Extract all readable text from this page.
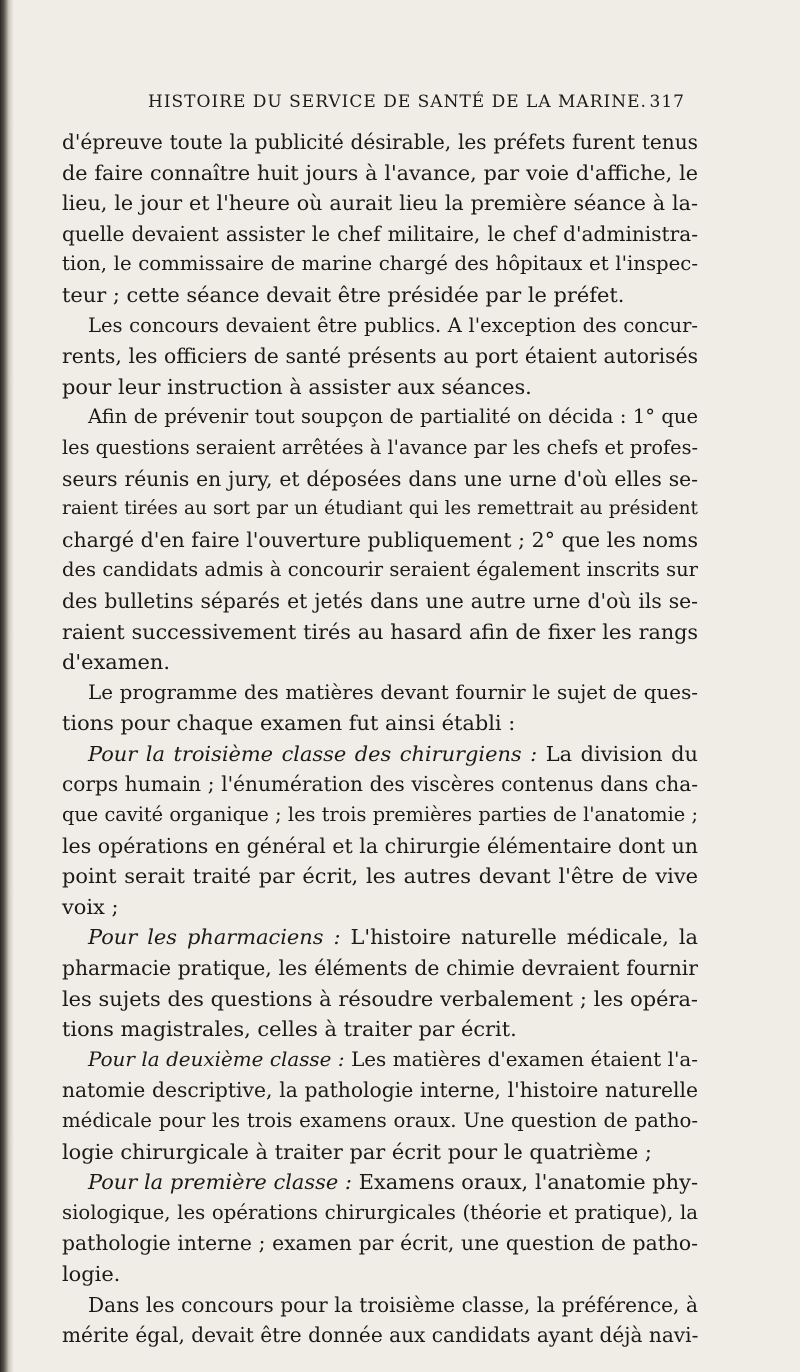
HISTOIRE DU SERVICE DE SANTÉ DE LA MARINE. 317
d'épreuve toute la publicité désirable, les préfets furent tenus
de faire connaître huit jours à l'avance, par voie d'affiche, le
lieu, le jour et l'heure où aurait lieu la première séance à la-
quelle devaient assister le chef militaire, le chef d'administra-
tion, le commissaire de marine chargé des hôpitaux et l'inspec-
teur ; cette séance devait être présidée par le préfet.
Les concours devaient être publics. A l'exception des concur-
rents, les officiers de santé présents au port étaient autorisés
pour leur instruction à assister aux séances.
Afin de prévenir tout soupçon de partialité on décida : 1° que
les questions seraient arrêtées à l'avance par les chefs et profes-
seurs réunis en jury, et déposées dans une urne d'où elles se-
raient tirées au sort par un étudiant qui les remettrait au président
chargé d'en faire l'ouverture publiquement ; 2° que les noms
des candidats admis à concourir seraient également inscrits sur
des bulletins séparés et jetés dans une autre urne d'où ils se-
raient successivement tirés au hasard afin de fixer les rangs
d'examen.
Le programme des matières devant fournir le sujet de ques-
tions pour chaque examen fut ainsi établi :
Pour la troisième classe des chirurgiens : La division du
corps humain ; l'énumération des viscères contenus dans cha-
que cavité organique ; les trois premières parties de l'anatomie ;
les opérations en général et la chirurgie élémentaire dont un
point serait traité par écrit, les autres devant l'être de vive
voix ;
Pour les pharmaciens : L'histoire naturelle médicale, la
pharmacie pratique, les éléments de chimie devraient fournir
les sujets des questions à résoudre verbalement ; les opéra-
tions magistrales, celles à traiter par écrit.
Pour la deuxième classe : Les matières d'examen étaient l'a-
natomie descriptive, la pathologie interne, l'histoire naturelle
médicale pour les trois examens oraux. Une question de patho-
logie chirurgicale à traiter par écrit pour le quatrième ;
Pour la première classe : Examens oraux, l'anatomie phy-
siologique, les opérations chirurgicales (théorie et pratique), la
pathologie interne ; examen par écrit, une question de patho-
logie.
Dans les concours pour la troisième classe, la préférence, à
mérite égal, devait être donnée aux candidats ayant déjà navi-
